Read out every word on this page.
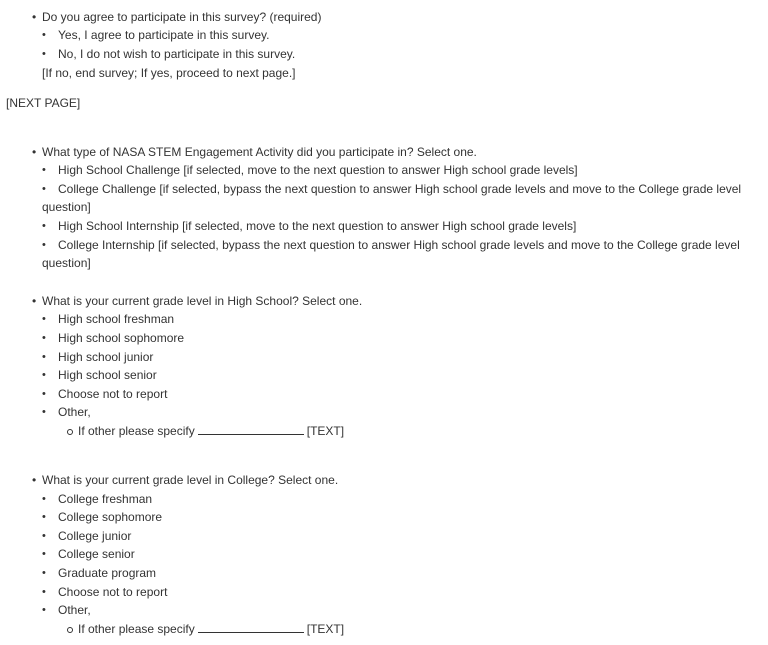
• Do you agree to participate in this survey? (required)
• Yes, I agree to participate in this survey.
• No, I do not wish to participate in this survey.
[If no, end survey; If yes, proceed to next page.]
[NEXT PAGE]
• What type of NASA STEM Engagement Activity did you participate in? Select one.
• High School Challenge [if selected, move to the next question to answer High school grade levels]
• College Challenge [if selected, bypass the next question to answer High school grade levels and move to the College grade level
question]
• High School Internship [if selected, move to the next question to answer High school grade levels]
• College Internship [if selected, bypass the next question to answer High school grade levels and move to the College grade level
question]
• What is your current grade level in High School? Select one.
• High school freshman
• High school sophomore
• High school junior
• High school senior
• Choose not to report
• Other,
If other please specify	[TEXT]
• What is your current grade level in College? Select one.
• College freshman
• College sophomore
• College junior
• College senior
• Graduate program
• Choose not to report
• Other,
If other please specify	[TEXT]
